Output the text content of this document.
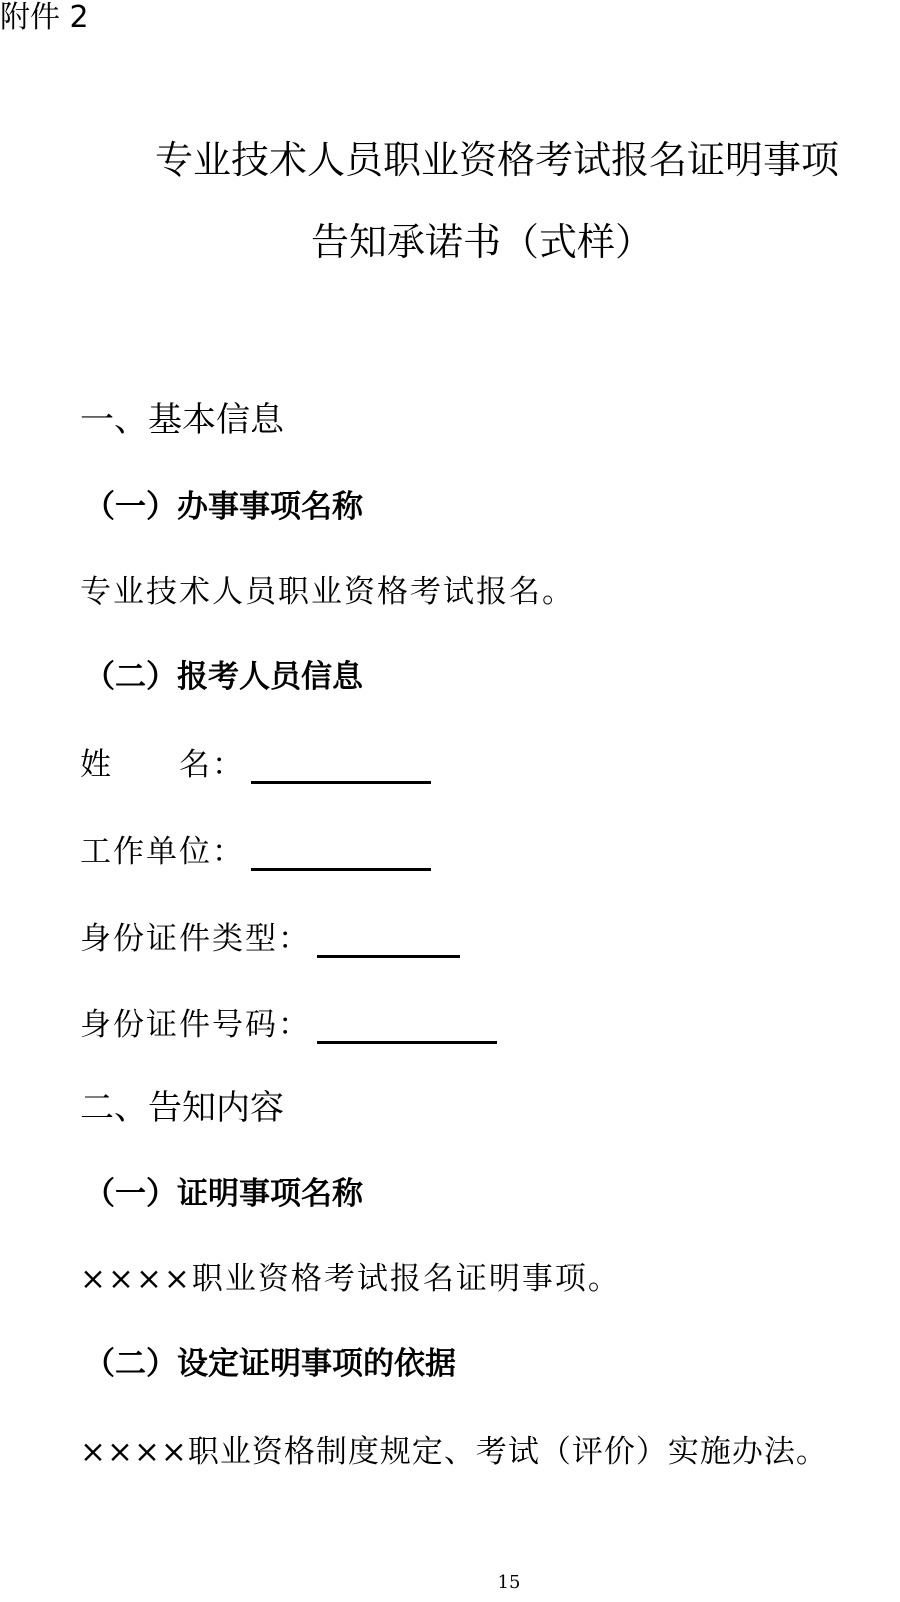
附件 2
专业技术人员职业资格考试报名证明事项
告知承诺书（式样）
一、基本信息
（一）办事事项名称
专业技术人员职业资格考试报名。
（二）报考人员信息
姓　　名：
工作单位：
身份证件类型：
身份证件号码：
二、告知内容
（一）证明事项名称
××××职业资格考试报名证明事项。
（二）设定证明事项的依据
××××职业资格制度规定、考试（评价）实施办法。
15
